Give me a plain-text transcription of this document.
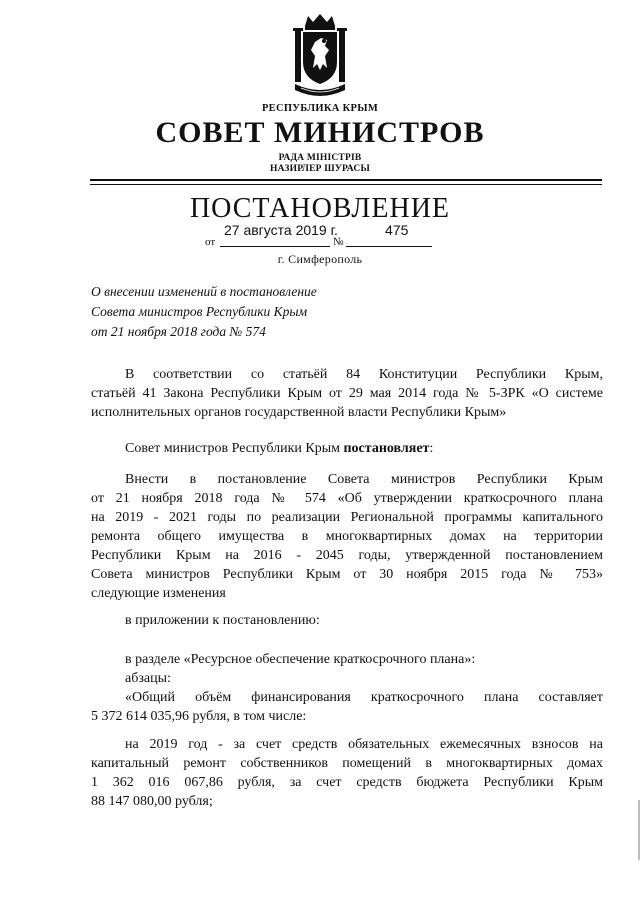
РЕСПУБЛИКА КРЫМ
СОВЕТ МИНИСТРОВ
РАДА МІНІСТРІВ
НАЗИРЛЕР ШУРАСЫ
ПОСТАНОВЛЕНИЕ
27 августа 2019 г.	475
от	№
г. Симферополь
О внесении изменений в постановление
Совета министров Республики Крым
от 21 ноября 2018 года № 574
В соответствии со статьёй 84 Конституции Республики Крым,
статьёй 41 Закона Республики Крым от 29 мая 2014 года № 5-ЗРК «О системе
исполнительных органов государственной власти Республики Крым»
Совет министров Республики Крым постановляет:
Внести в постановление Совета министров Республики Крым
от 21 ноября 2018 года № 574 «Об утверждении краткосрочного плана
на 2019 - 2021 годы по реализации Региональной программы капитального
ремонта общего имущества в многоквартирных домах на территории
Республики Крым на 2016 - 2045 годы, утвержденной постановлением
Совета министров Республики Крым от 30 ноября 2015 года № 753»
следующие изменения
в приложении к постановлению:
в разделе «Ресурсное обеспечение краткосрочного плана»:
абзацы:
«Общий объём финансирования краткосрочного плана составляет
5 372 614 035,96 рубля, в том числе:
на 2019 год - за счет средств обязательных ежемесячных взносов на
капитальный ремонт собственников помещений в многоквартирных домах
1 362 016 067,86 рубля, за счет средств бюджета Республики Крым
88 147 080,00 рубля;
